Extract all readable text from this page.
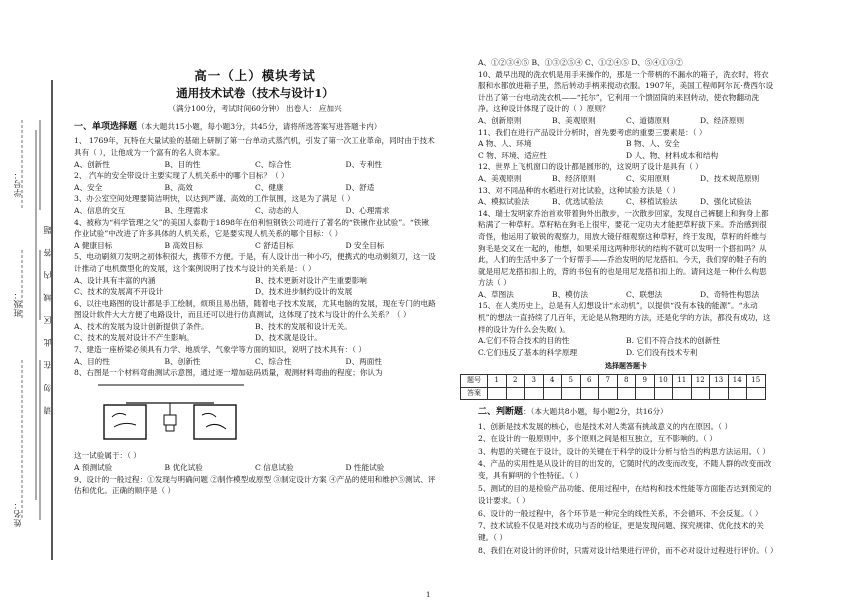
学号：
班级：
姓名：
请 勿 在 此 区 域 内 答 题
高一（上）模块考试
通用技术试卷（技术与设计1）
（满分100分，考试时间60分钟） 出卷人： 应加兴
一、单项选择题（本大题共15小题，每小题3分，共45分，请将所选答案写进答题卡内）

1、 1769年，瓦特在大量试验的基础上研制了第一台单动式蒸汽机，引发了第一次工业革命，同时由于技术具有（ ），让他成为一个富有的名人资本家。

A、创新性	B、目的性	C、综合性	D、专利性

2、 汽车的安全带设计主要实现了人机关系中的哪个目标？（ ）

A、安全	B、高效	C、健康	D、舒适

3、办公室空间处理要简洁明快，以达到严谨、高效的工作氛围，这是为了满足（ ）

A、信息的交互	B、生理需求	C、动态的人	D、心理需求

4、被称为“科学管理之父”的美国人泰勒于1898年在伯利恒钢铁公司进行了著名的“铁锹作业试验”。“铁锹作业试验”中改进了许多具体的人机关系，它是要实现人机关系的哪个目标：（ ）

A 健康目标	B 高效目标	C 舒适目标	D 安全目标

5、电动刷须刀发明之初体积很大，携带不方便。于是，有人设计出一种小巧，便携式的电动剃须刀，这一设计推动了电机微型化的发展，这个案例说明了技术与设计的关系是：（ ）

A、设计具有丰富的内涵	B、技术更新对设计产生重要影响
C、技术的发展离不开设计	D、技术进步制约设计的发展

6、以往电路图的设计都是手工绘制，烦琐且易出错，随着电子技术发展，尤其电脑的发展，现在专门的电路图设计软件大大方便了电路设计，而且还可以进行仿真测试，这体现了技术与设计的什么关系？（ ）

A、技术的发展为设计创新提供了条件。	B、技术的发展和设计无关。
C、技术的发展对设计不产生影响。	D、技术就是设计。

7、建造一座桥梁必须具有力学、地质学、气象学等方面的知识，说明了技术具有：（ ）

A、目的性	B、创新性	C、综合性	D、两面性

8、右图是一个材料弯曲测试示意图，通过逐一增加砝码质量，观测材料弯曲的程度；你认为

这一试验属于：（ ）

A 预测试验	B 优化试验	C 信息试验	D 性能试验

9、设计的一般过程：①发现与明确问题 ②制作模型或原型 ③制定设计方案 ④产品的使用和维护⑤测试、评估和优化。正确的顺序是（ ）

A、①②③④⑤ B、①③②⑤④ C、①②④⑤ D、⑤④①③②

10、最早出现的洗衣机是用手来操作的，那是一个带柄的不漏水的箱子，洗衣时，将衣服和水都放进箱子里，然后转动手柄来搅动衣服。1907年，美国工程师阿尔瓦·费西尔设计出了第一台电动洗衣机——“托尔”，它利用一个馈固筒的来回转动，使衣物翻动洗净。这种设计体现了设计的（ ）原则？

A、创新原则	B、美观原则	C、道德原则	D、经济原则

11、我们在进行产品设计分析时，首先要考虑的重要三要素是：（ ）

A 物、人、环境	B 物、人、安全
C 物、环境、适应性	D 人、物、材料成本和结构

12、世界上飞机窗口的设计都是圆形的，这说明了设计是具有（ ）

A、美观原则	B、经济原则	C、实用原则	D、技术规范原则

13、对不同品种的水稻进行对比试验，这种试验方法是（ ）

A、模拟试验法	B、优选试验法	C、移植试验法	D、强化试验法

14、瑞士发明家乔治首欢带着狗外出散步，一次散步回家，发现自己裤腿上和狗身上都粘满了一种草籽。草籽粘在狗毛上很牢，要花一定功夫才能把草籽拔下来。乔治感到很奇怪，他运用了敏锐的观察力，用放大镜仔细观察这种草籽，终于发现，草籽的纤维与狗毛是交叉在一起的，他想，如果采用这两种形状的结构不就可以发明一个搭扣吗？从此，人们的生活中多了一个好帮手——乔治发明的尼龙搭扣。今天，我们穿的鞋子有的就是用尼龙搭扣扣上的，背的书包有的也是用尼龙搭扣扣上的。请问这是一种什么构思方法（ ）

A、草图法	B、模仿法	C、联想法	D、奇特性构思法

15、在人类历史上，总是有人幻想设计“永动机”，以提供“没有本钱的能源”。“永动机”的想法一直持续了几百年，无论是从物理的方法，还是化学的方法，都没有成功，这样的设计为什么会失败( )。

A.它们不符合技术的目的性	B. 它们不符合技术的创新性
C.它们违反了基本的科学原理	D. 它们没有技术专利
选择题答题卡
题号	1	2	3	4	5	6	7	8	9	10	11	12	13	14	15
答案															
二、判断题：（本大题共8小题，每小题2分，共16分）

1、创新是技术发展的核心，也是技术对人类富有挑战意义的内在原因。（ ）

2、在设计的一般原则中，多个原则之间是相互独立，互不影响的。（ ）

3、构思的关键在于设计，设计的关键在于科学的设计分析与恰当的构思方法运用。（ ）

4、产品的实用性是从设计的目的出发的，它随时代的改变而改变，不随人群的改变而改变，具有鲜明的个性特征。（ ）

5、测试的目的是检验产品功能、使用过程中，在结构和技术性能等方面能否达到预定的设计要求。（ ）

6、设计的一般过程中，各个环节是一种完全的线性关系，不会循环、不会反复。（ ）

7、技术试验不仅是对技术成功与否的检证，更是发现问题、探究规律、优化技术的关键。（ ）

8、我们在对设计的评价时，只需对设计结果进行评价，而不必对设计过程进行评价。（ ）

1
